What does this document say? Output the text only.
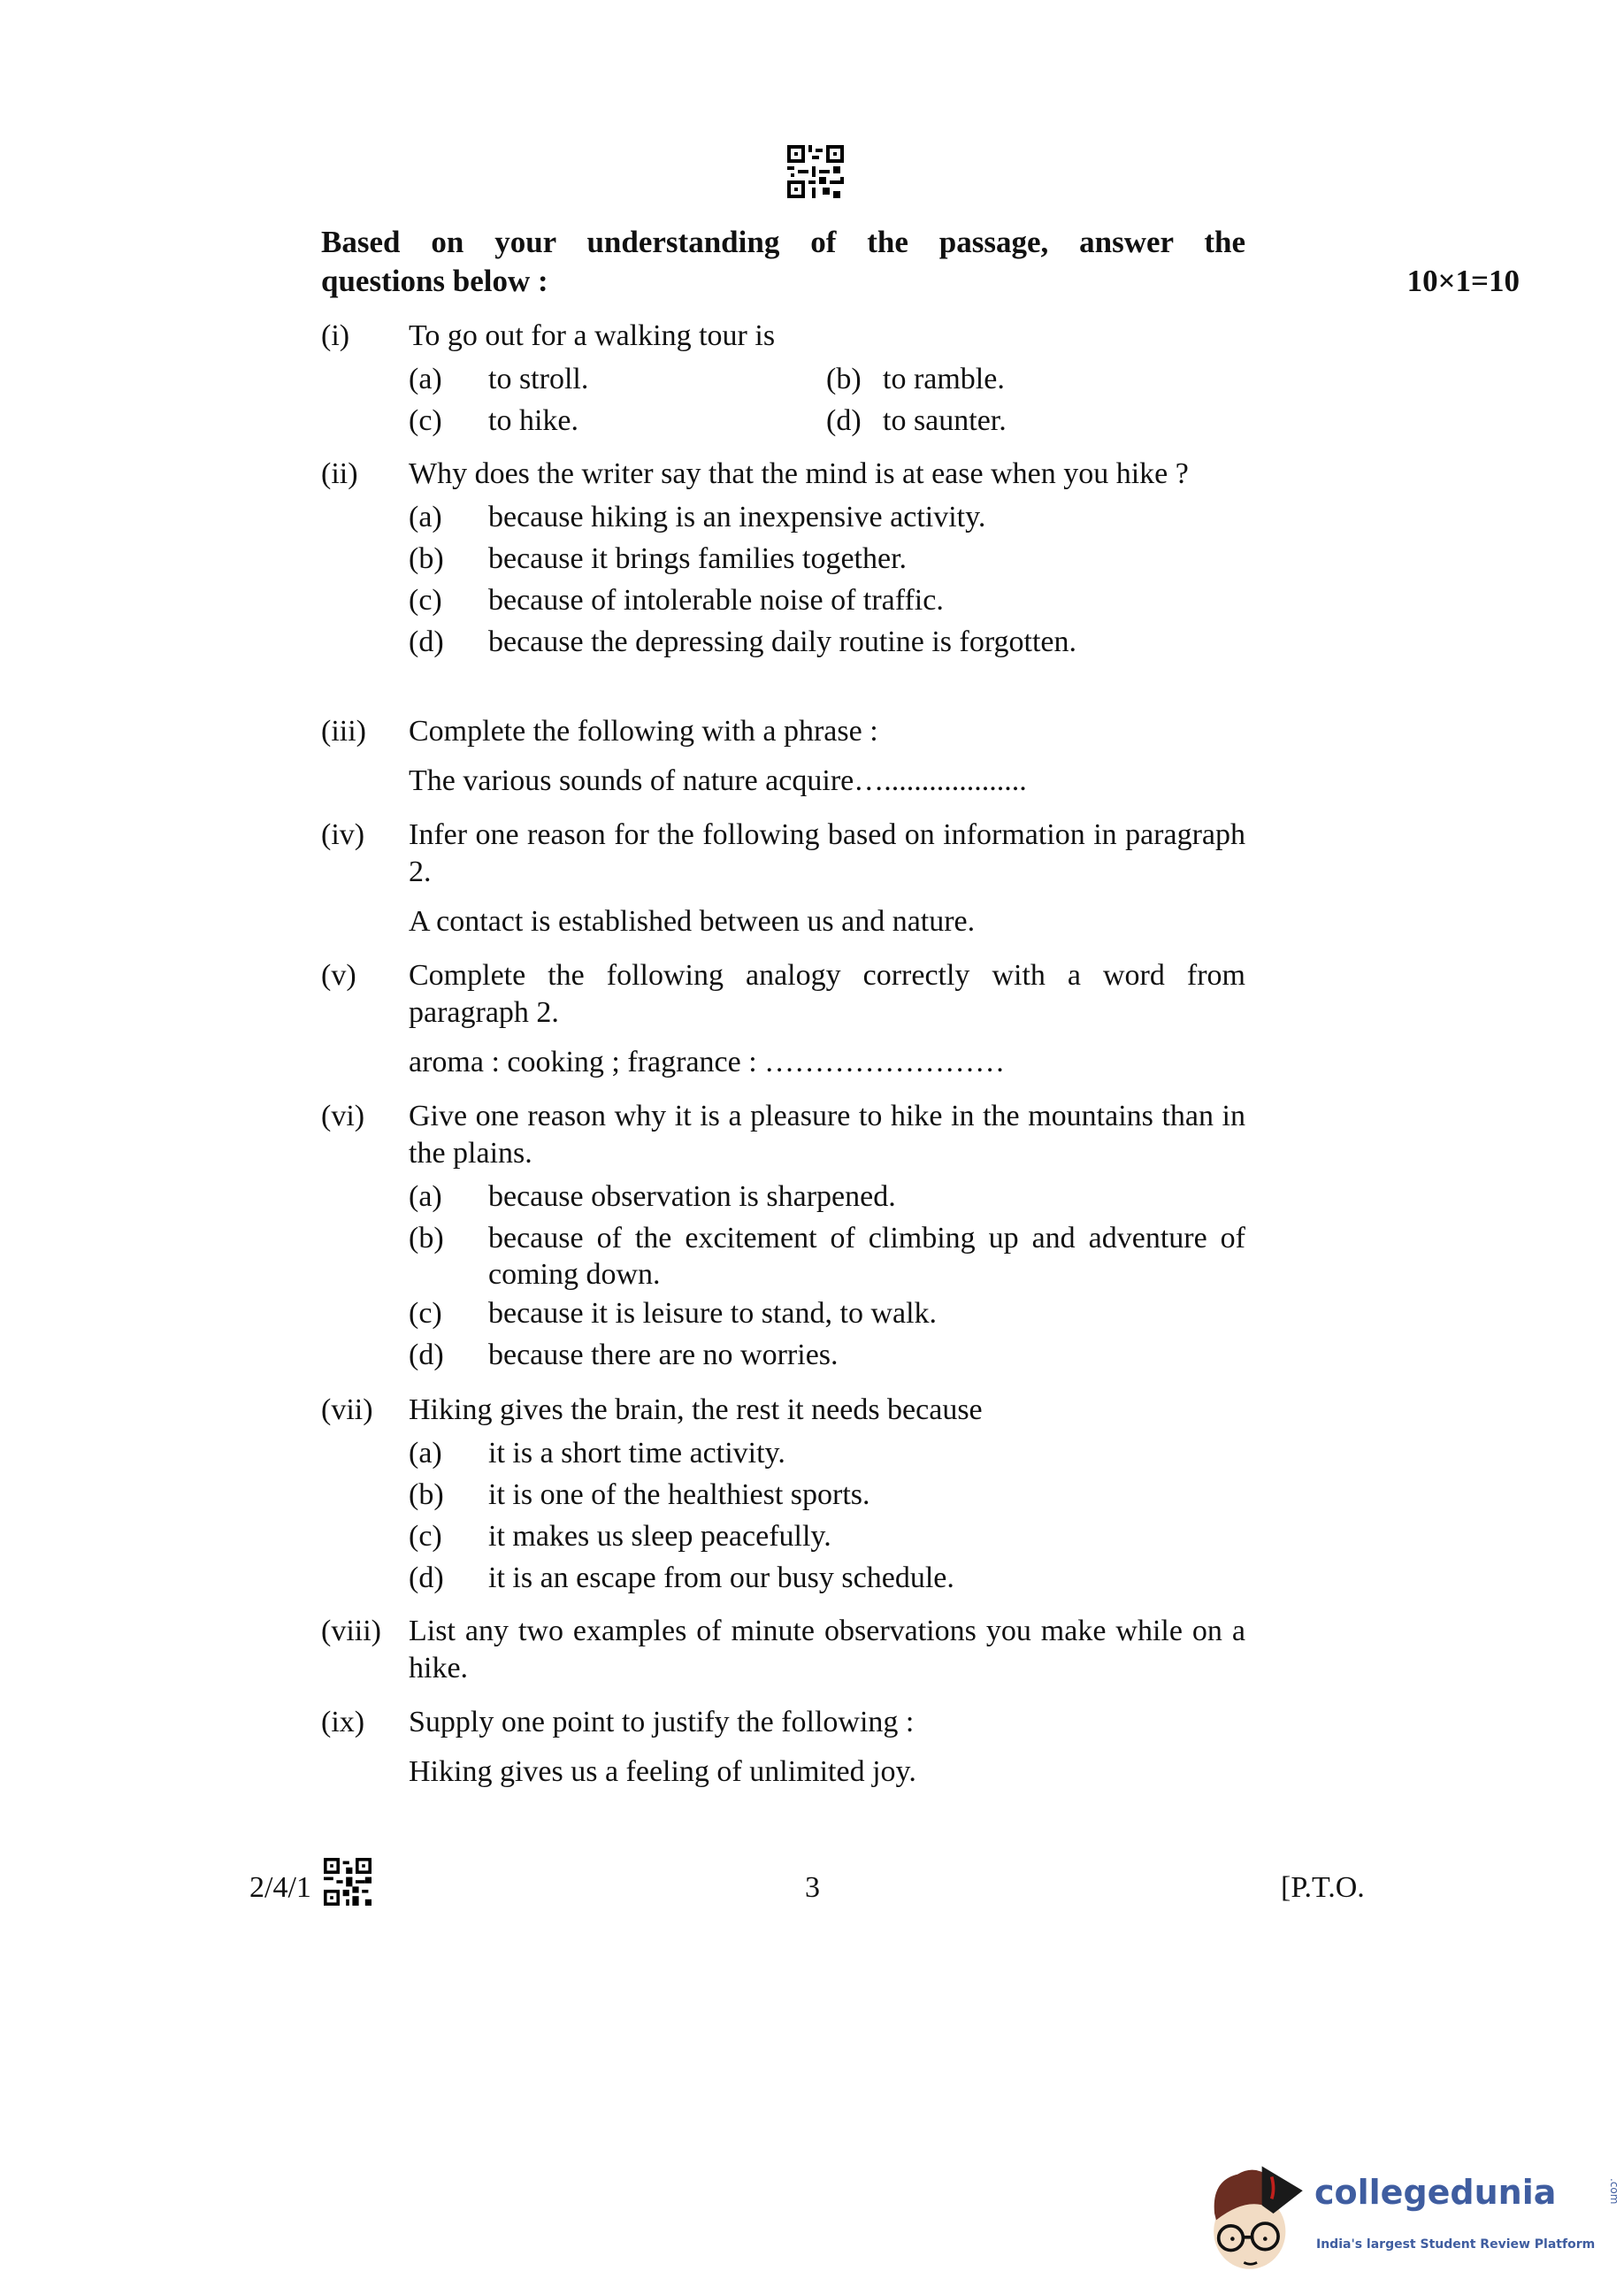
Based on your understanding of the passage, answer the
questions below :	10×1=10
(i) To go out for a walking tour is
(a)	to stroll.	(b) to ramble.
(c)	to hike.	(d) to saunter.
(ii) Why does the writer say that the mind is at ease when you hike ?
(a)	because hiking is an inexpensive activity.
(b)	because it brings families together.
(c)	because of intolerable noise of traffic.
(d)	because the depressing daily routine is forgotten.
(iii) Complete the following with a phrase :
The various sounds of nature acquire…...................
(iv) Infer one reason for the following based on information in paragraph 2.
A contact is established between us and nature.
(v) Complete the following analogy correctly with a word from paragraph 2.
aroma : cooking ; fragrance : ……………………
(vi) Give one reason why it is a pleasure to hike in the mountains than in the plains.
(a)	because observation is sharpened.
(b)	because of the excitement of climbing up and adventure of coming down.
(c)	because it is leisure to stand, to walk.
(d)	because there are no worries.
(vii) Hiking gives the brain, the rest it needs because
(a)	it is a short time activity.
(b)	it is one of the healthiest sports.
(c)	it makes us sleep peacefully.
(d)	it is an escape from our busy schedule.
(viii) List any two examples of minute observations you make while on a hike.
(ix) Supply one point to justify the following :
Hiking gives us a feeling of unlimited joy.
2/4/1	3	[P.T.O.
collegedunia	.com
India's largest Student Review Platform
